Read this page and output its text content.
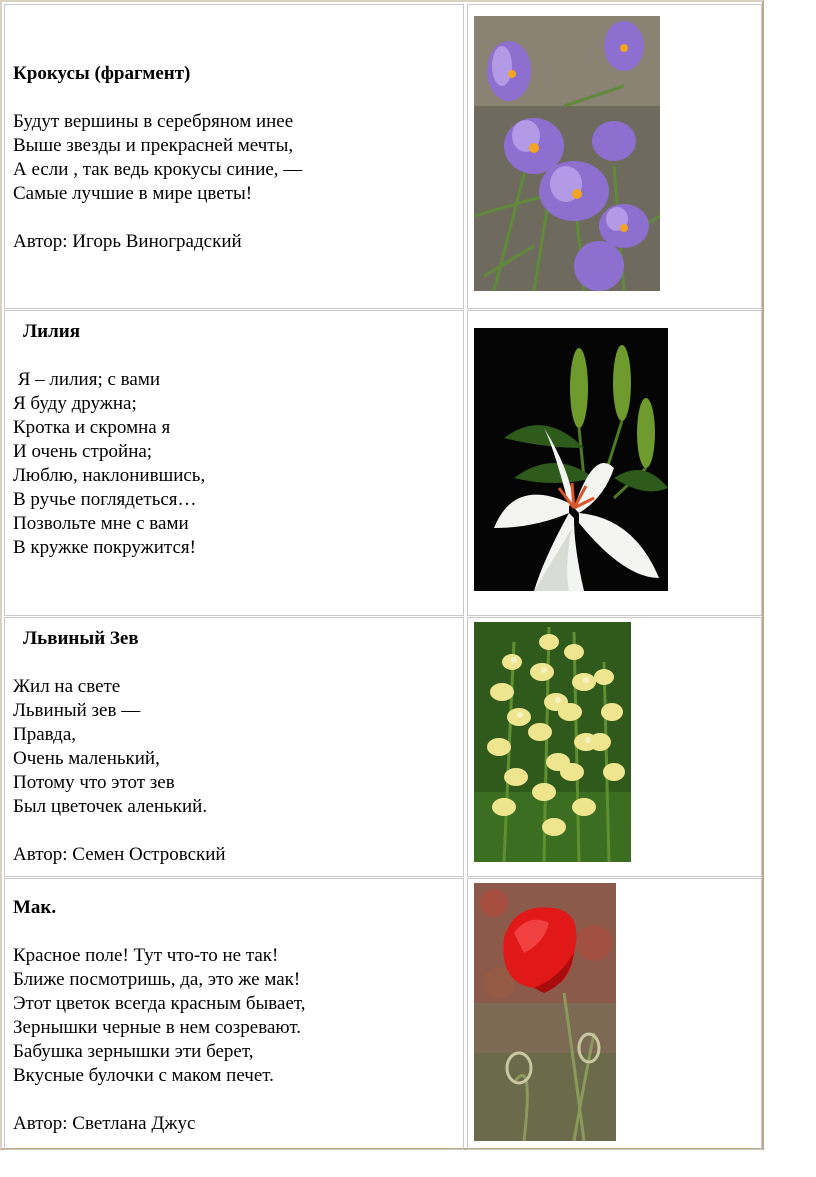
Крокусы (фрагмент)
Будут вершины в серебряном инее
Выше звезды и прекрасней мечты,
А если , так ведь крокусы синие, —
Самые лучшие в мире цветы!
Автор: Игорь Виноградский
Лилия
Я – лилия; с вами
Я буду дружна;
Кротка и скромна я
И очень стройна;
Люблю, наклонившись,
В ручье поглядеться…
Позвольте мне с вами
В кружке покружится!
Львиный Зев
Жил на свете
Львиный зев —
Правда,
Очень маленький,
Потому что этот зев
Был цветочек аленький.
Автор: Семен Островский
Мак.
Красное поле! Тут что-то не так!
Ближе посмотришь, да, это же мак!
Этот цветок всегда красным бывает,
Зернышки черные в нем созревают.
Бабушка зернышки эти берет,
Вкусные булочки с маком печет.
Автор: Светлана Джус
